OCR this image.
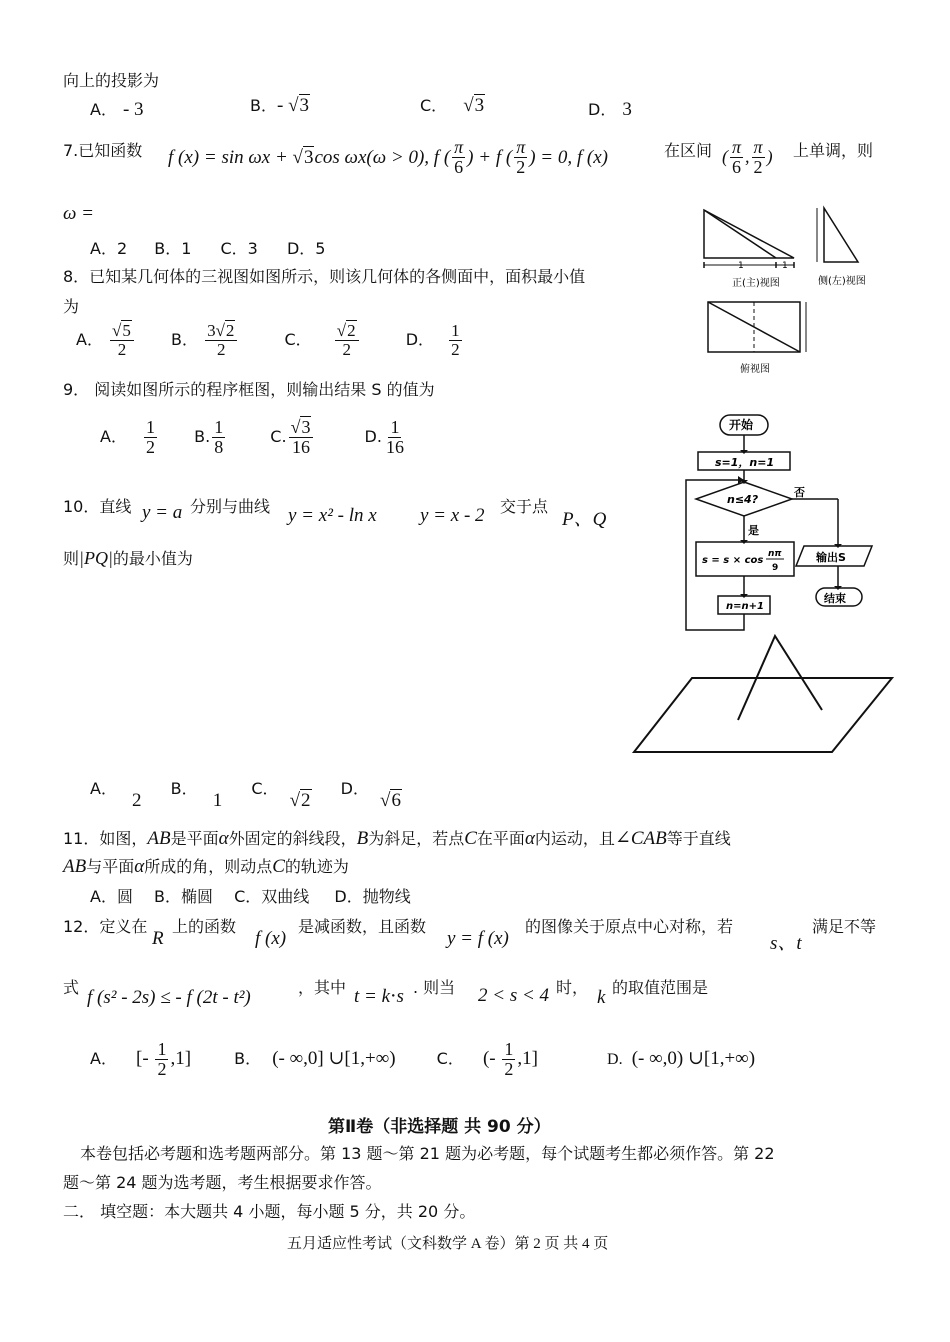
向上的投影为
A． - 3	B．- √3	C． √3	D． 3
7.已知函数 f (x) = sin ωx + √3cos ωx(ω > 0), f ( $\frac{\pi}{6}$ ) + f ( $\frac{\pi}{2}$ ) = 0, f (x)	在区间 ( $\frac{\pi}{6}$ , $\frac{\pi}{2}$ ) 上单调，则
ω =
A．2 B．1 C．3 D．5
8．已知某几何体的三视图如图所示，则该几何体的各侧面中，面积最小值
为
A． $\frac{√5}{2}$ B． $\frac{3√2}{2}$	C． $\frac{√2}{2}$	D． $\frac{1}{2}$
1	1
正(主)视图	侧(左)视图
俯视图
9． 阅读如图所示的程序框图，则输出结果 S 的值为
A． $\frac{1}{2} B$. $\frac{1}{8}$	C. $\frac{√3}{16}$	D. $\frac{1}{16}$	开始
s=1，n=1
n≤4?
否
是
s = s × cos
nπ
9
n=n+1
输出S
结束
10．直线 y = a 分别与曲线 y = x² - ln x y = x - 2 交于点
P、Q
则|PQ|的最小值为
A． 2 B． 1 C． √2 D． √6
11．如图，AB是平面α外固定的斜线段，B为斜足，若点C在平面α内运动，且∠CAB等于直线
AB与平面α所成的角，则动点C的轨迹为
A．圆 B．椭圆 C．双曲线 D．抛物线
12．定义在
R
上的函数
f (x)
是减函数，且函数
y = f (x)
的图像关于原点中心对称，若
s、t
满足不等
式 f (s² - 2s) ≤ - f (2t - t²)	，其中 t = k⋅s . 则当 2 < s < 4 时， k 的取值范围是
A． [- $\frac{1}{2} ,1$]	B． (- ∞,0] ∪[1,+∞)	C． (- $\frac{1}{2} ,1$]	D. (- ∞,0) ∪[1,+∞)
第Ⅱ卷（非选择题 共 90 分）
本卷包括必考题和选考题两部分。第 13 题～第 21 题为必考题，每个试题考生都必须作答。第 22
题～第 24 题为选考题，考生根据要求作答。
二． 填空题：本大题共 4 小题，每小题 5 分，共 20 分。
五月适应性考试（文科数学 A 卷）第 2 页 共 4 页
